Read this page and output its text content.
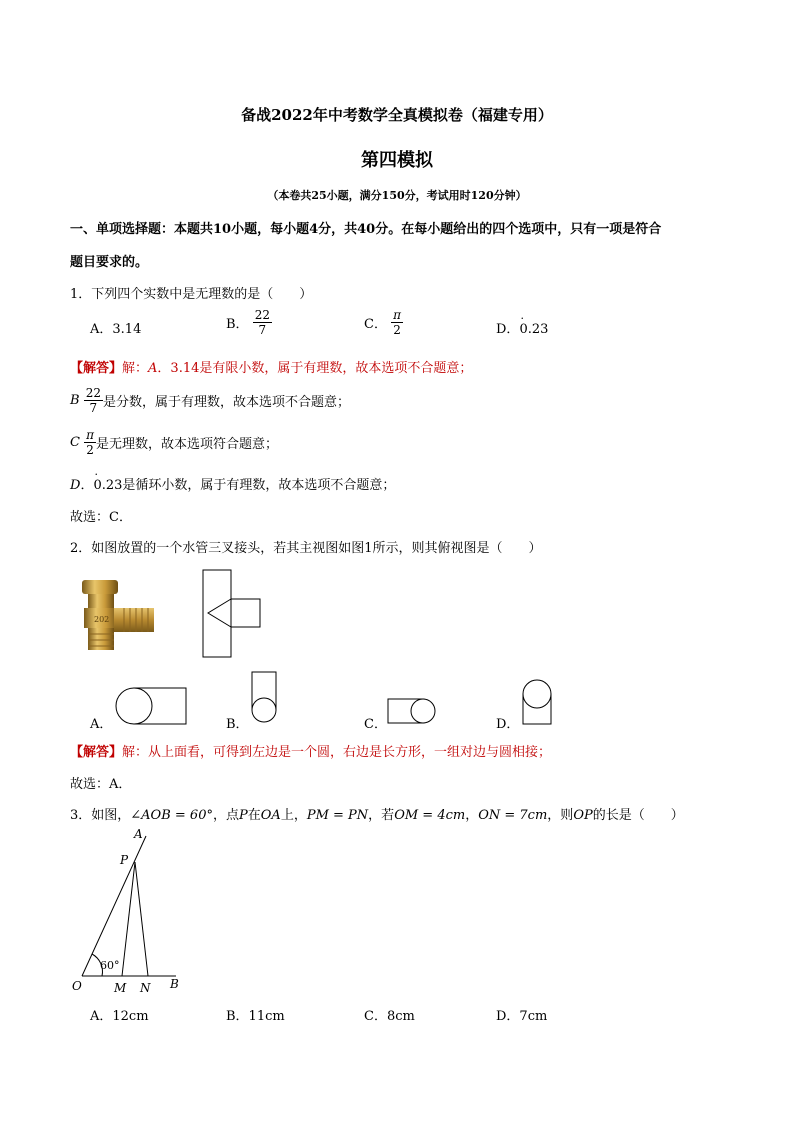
备战2022年中考数学全真模拟卷（福建专用）
第四模拟
（本卷共25小题，满分150分，考试用时120分钟）
一、单项选择题：本题共10小题，每小题4分，共40分。在每小题给出的四个选项中，只有一项是符合
题目要求的。
1．下列四个实数中是无理数的是（　　）
A．3.14	B． $\frac{22}{7}$	C． $\frac{\pi}{2}$	D．· 0.23
【解答】解：A．3.14是有限小数，属于有理数，故本选项不合题意；
B $\frac{22}{7}$ 是分数，属于有理数，故本选项不合题意；
C $\frac{\pi}{2}$ 是无理数，故本选项符合题意；
D．· 0.23是循环小数，属于有理数，故本选项不合题意；
故选：C．
2．如图放置的一个水管三叉接头，若其主视图如图1所示，则其俯视图是（　　）
202
A．	B．	C．	D．
【解答】解：从上面看，可得到左边是一个圆，右边是长方形，一组对边与圆相接；
故选：A．
3．如图，∠AOB = 60°，点P在OA上，PM = PN，若OM = 4cm，ON = 7cm，则OP的长是（　　）
A
P
O	M N B
60°
A．12cm	B．11cm	C．8cm	D．7cm
